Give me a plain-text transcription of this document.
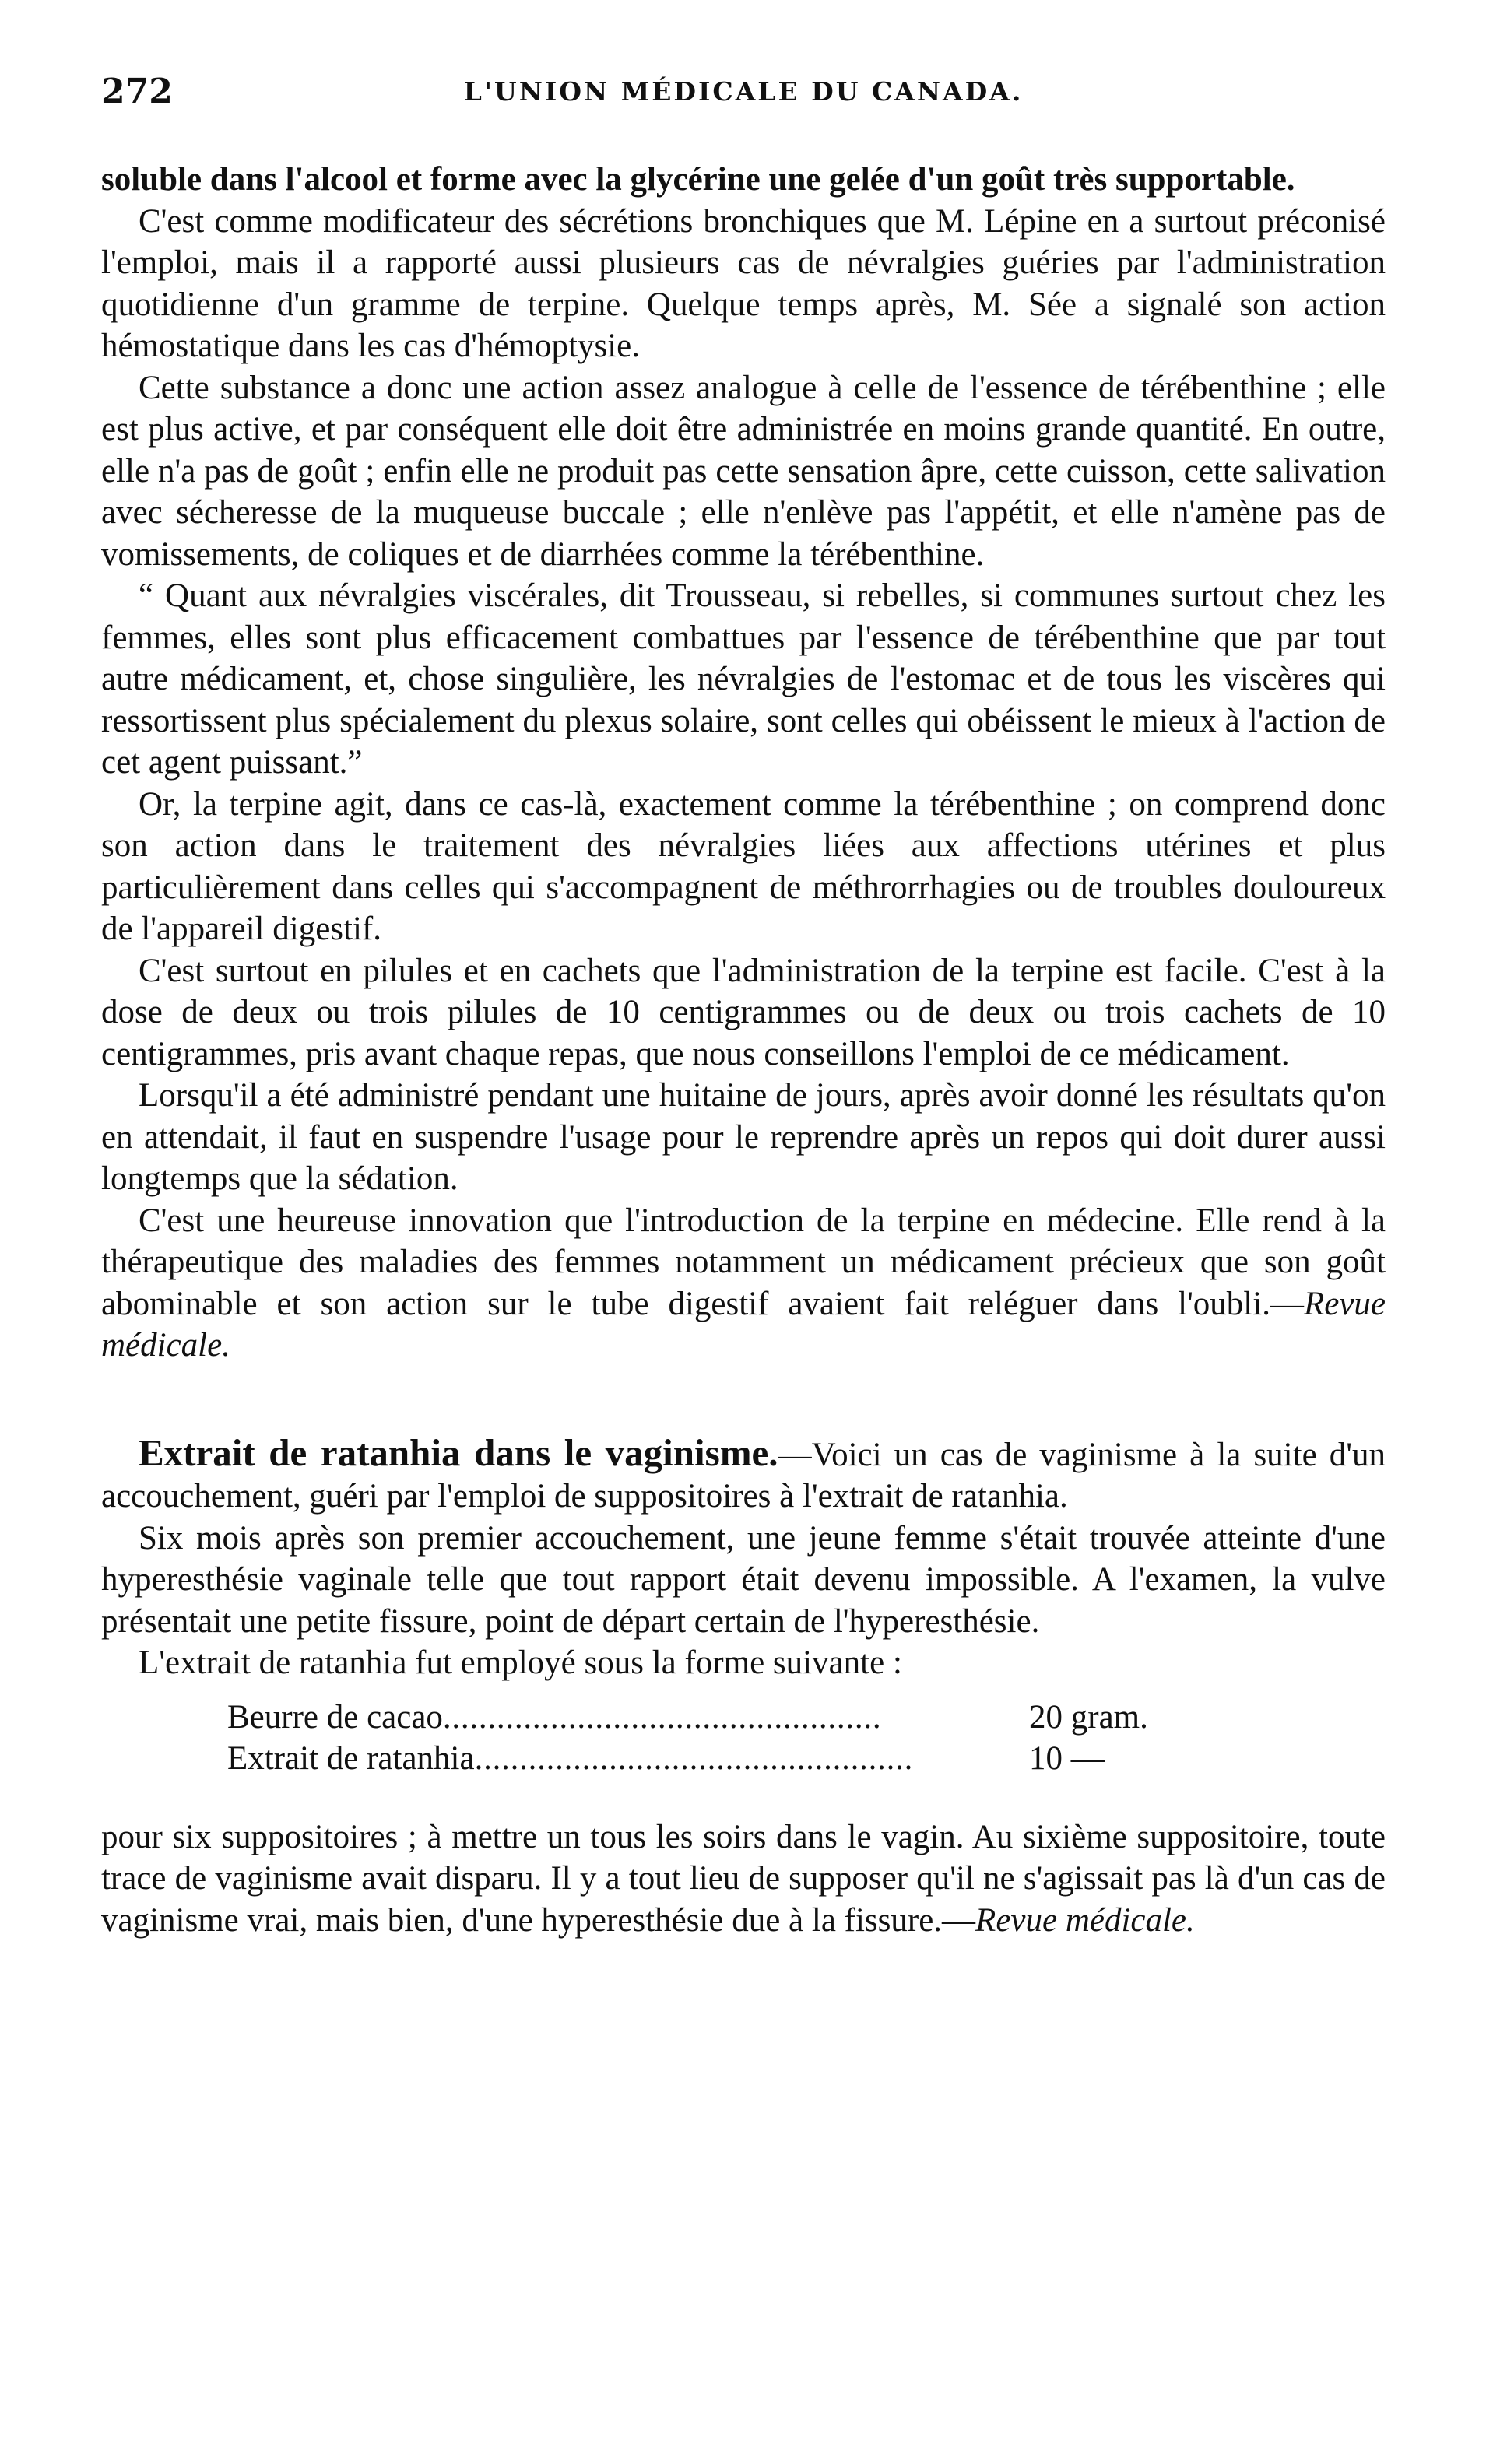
272	L'UNION MÉDICALE DU CANADA.

soluble dans l'alcool et forme avec la glycérine une gelée d'un goût très supportable.

C'est comme modificateur des sécrétions bronchiques que M. Lépine en a surtout préconisé l'emploi, mais il a rapporté aussi plusieurs cas de névralgies guéries par l'administration quotidienne d'un gramme de terpine. Quelque temps après, M. Sée a signalé son action hémostatique dans les cas d'hémoptysie.

Cette substance a donc une action assez analogue à celle de l'essence de térébenthine ; elle est plus active, et par conséquent elle doit être administrée en moins grande quantité. En outre, elle n'a pas de goût ; enfin elle ne produit pas cette sensation âpre, cette cuisson, cette salivation avec sécheresse de la muqueuse buccale ; elle n'enlève pas l'appétit, et elle n'amène pas de vomissements, de coliques et de diarrhées comme la térébenthine.

“ Quant aux névralgies viscérales, dit Trousseau, si rebelles, si communes surtout chez les femmes, elles sont plus efficacement combattues par l'essence de térébenthine que par tout autre médicament, et, chose singulière, les névralgies de l'estomac et de tous les viscères qui ressortissent plus spécialement du plexus solaire, sont celles qui obéissent le mieux à l'action de cet agent puissant.”

Or, la terpine agit, dans ce cas-là, exactement comme la térébenthine ; on comprend donc son action dans le traitement des névralgies liées aux affections utérines et plus particulièrement dans celles qui s'accompagnent de méthrorrhagies ou de troubles douloureux de l'appareil digestif.

C'est surtout en pilules et en cachets que l'administration de la terpine est facile. C'est à la dose de deux ou trois pilules de 10 centigrammes ou de deux ou trois cachets de 10 centigrammes, pris avant chaque repas, que nous conseillons l'emploi de ce médicament.

Lorsqu'il a été administré pendant une huitaine de jours, après avoir donné les résultats qu'on en attendait, il faut en suspendre l'usage pour le reprendre après un repos qui doit durer aussi longtemps que la sédation.

C'est une heureuse innovation que l'introduction de la terpine en médecine. Elle rend à la thérapeutique des maladies des femmes notamment un médicament précieux que son goût abominable et son action sur le tube digestif avaient fait reléguer dans l'oubli.—Revue médicale.

Extrait de ratanhia dans le vaginisme.—Voici un cas de vaginisme à la suite d'un accouchement, guéri par l'emploi de suppositoires à l'extrait de ratanhia.

Six mois après son premier accouchement, une jeune femme s'était trouvée atteinte d'une hyperesthésie vaginale telle que tout rapport était devenu impossible. A l'examen, la vulve présentait une petite fissure, point de départ certain de l'hyperesthésie.

L'extrait de ratanhia fut employé sous la forme suivante :

Beurre de cacao . . .	20 gram.
Extrait de ratanhia . . .	10 —

pour six suppositoires ; à mettre un tous les soirs dans le vagin. Au sixième suppositoire, toute trace de vaginisme avait disparu. Il y a tout lieu de supposer qu'il ne s'agissait pas là d'un cas de vaginisme vrai, mais bien, d'une hyperesthésie due à la fissure.—Revue médicale.
